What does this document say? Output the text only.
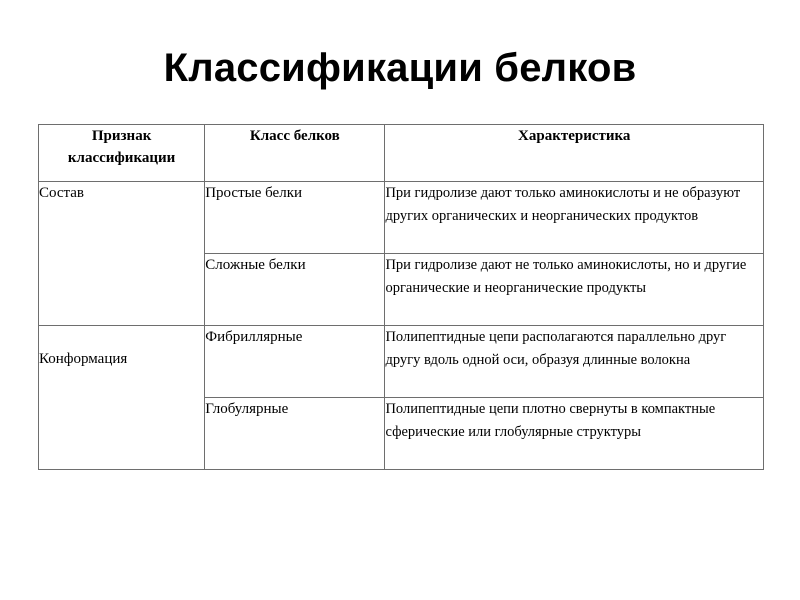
Классификации белков
Признак классификации	Класс белков	Характеристика
Состав	Простые белки	При гидролизе дают только аминокислоты и не образуют других органических и неорганических продуктов
	Сложные белки	При гидролизе дают не только аминокислоты, но и другие органические и неорганические продукты
Конформация	Фибриллярные	Полипептидные цепи располагаются параллельно друг другу вдоль одной оси, образуя длинные волокна
	Глобулярные	Полипептидные цепи плотно свернуты в компактные сферические или глобулярные структуры
